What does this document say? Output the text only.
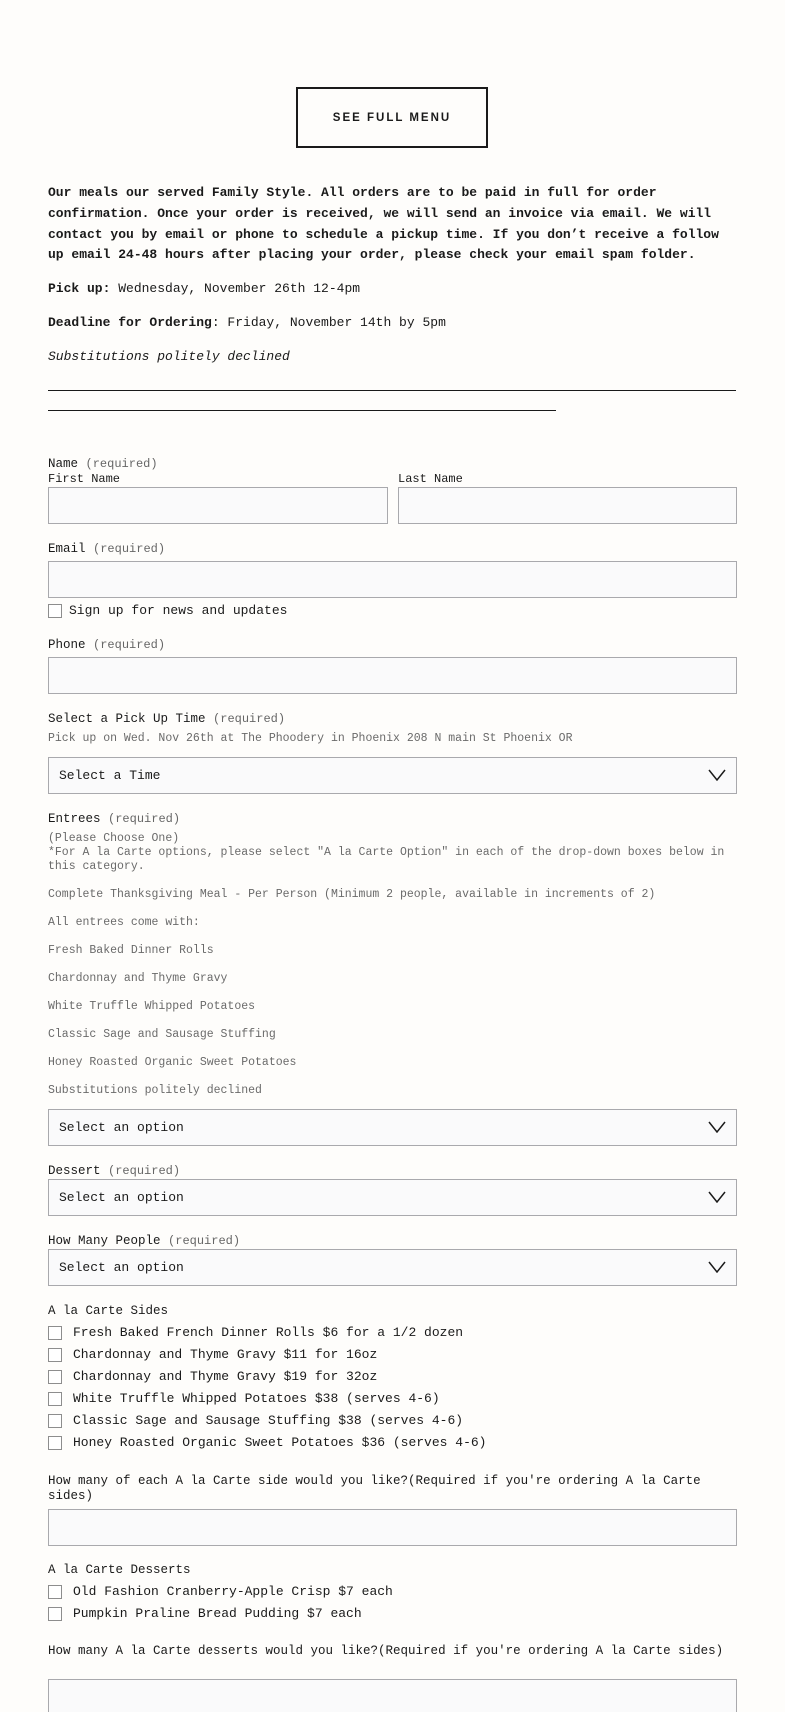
SEE FULL MENU

Our meals our served Family Style. All orders are to be paid in full for order confirmation. Once your order is received, we will send an invoice via email. We will contact you by email or phone to schedule a pickup time. If you don’t receive a follow up email 24-48 hours after placing your order, please check your email spam folder.

Pick up: Wednesday, November 26th 12-4pm
Deadline for Ordering: Friday, November 14th by 5pm
Substitutions politely declined
Name (required)
First Name	Last Name
Email (required)
Sign up for news and updates
Phone (required)
Select a Pick Up Time (required)
Pick up on Wed. Nov 26th at The Phoodery in Phoenix 208 N main St Phoenix OR
Select a Time
Entrees (required)
(Please Choose One)
*For A la Carte options, please select "A la Carte Option" in each of the drop-down boxes below in this category.
Complete Thanksgiving Meal - Per Person (Minimum 2 people, available in increments of 2)
All entrees come with:
Fresh Baked Dinner Rolls
Chardonnay and Thyme Gravy
White Truffle Whipped Potatoes
Classic Sage and Sausage Stuffing
Honey Roasted Organic Sweet Potatoes
Substitutions politely declined
Select an option
Dessert (required)
Select an option
How Many People (required)
Select an option
A la Carte Sides
Fresh Baked French Dinner Rolls $6 for a 1/2 dozen
Chardonnay and Thyme Gravy $11 for 16oz
Chardonnay and Thyme Gravy $19 for 32oz
White Truffle Whipped Potatoes $38 (serves 4-6)
Classic Sage and Sausage Stuffing $38 (serves 4-6)
Honey Roasted Organic Sweet Potatoes $36 (serves 4-6)
How many of each A la Carte side would you like?(Required if you're ordering A la Carte sides)
A la Carte Desserts
Old Fashion Cranberry-Apple Crisp $7 each
Pumpkin Praline Bread Pudding $7 each
How many A la Carte desserts would you like?(Required if you're ordering A la Carte sides)
